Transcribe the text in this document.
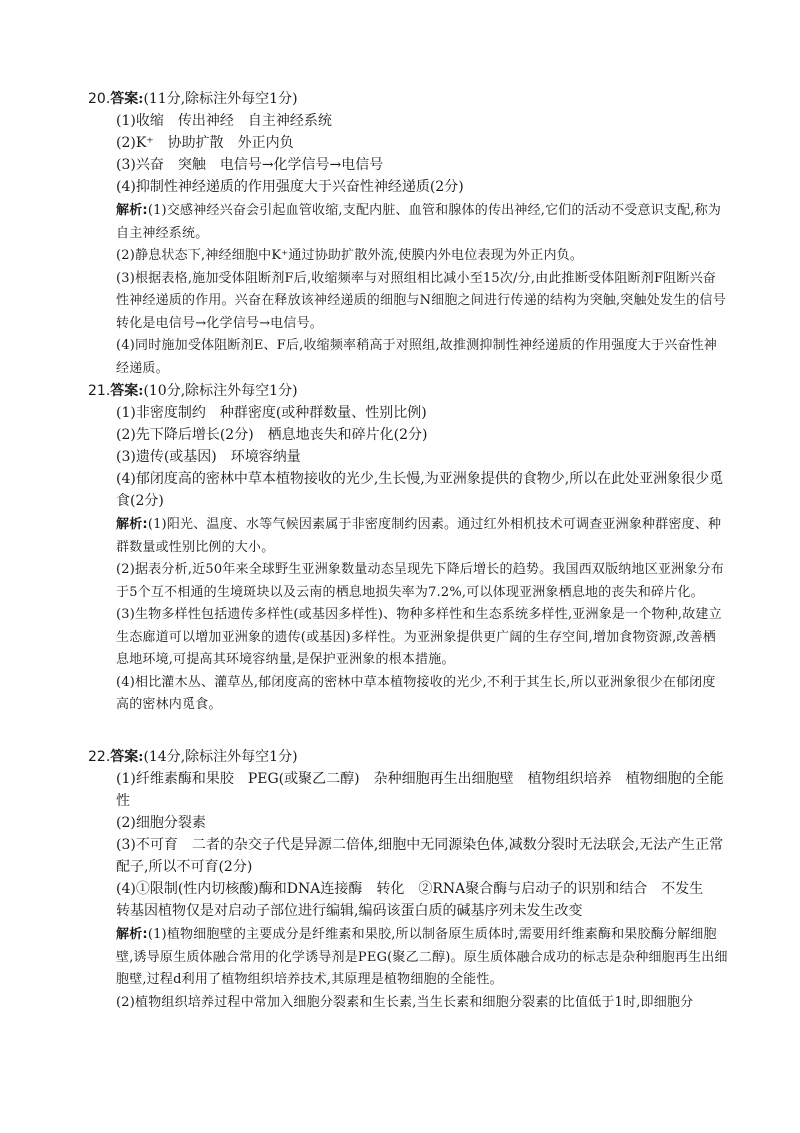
20.答案:(11分,除标注外每空1分)

(1)收缩　传出神经　自主神经系统

(2)K⁺　协助扩散　外正内负

(3)兴奋　突触　电信号→化学信号→电信号

(4)抑制性神经递质的作用强度大于兴奋性神经递质(2分)

解析:(1)交感神经兴奋会引起血管收缩,支配内脏、血管和腺体的传出神经,它们的活动不受意识支配,称为自主神经系统。

(2)静息状态下,神经细胞中K⁺通过协助扩散外流,使膜内外电位表现为外正内负。

(3)根据表格,施加受体阻断剂F后,收缩频率与对照组相比减小至15次/分,由此推断受体阻断剂F阻断兴奋性神经递质的作用。兴奋在释放该神经递质的细胞与N细胞之间进行传递的结构为突触,突触处发生的信号转化是电信号→化学信号→电信号。

(4)同时施加受体阻断剂E、F后,收缩频率稍高于对照组,故推测抑制性神经递质的作用强度大于兴奋性神经递质。

21.答案:(10分,除标注外每空1分)

(1)非密度制约　种群密度(或种群数量、性别比例)

(2)先下降后增长(2分)　栖息地丧失和碎片化(2分)

(3)遗传(或基因)　环境容纳量

(4)郁闭度高的密林中草本植物接收的光少,生长慢,为亚洲象提供的食物少,所以在此处亚洲象很少觅食(2分)

解析:(1)阳光、温度、水等气候因素属于非密度制约因素。通过红外相机技术可调查亚洲象种群密度、种群数量或性别比例的大小。

(2)据表分析,近50年来全球野生亚洲象数量动态呈现先下降后增长的趋势。我国西双版纳地区亚洲象分布于5个互不相通的生境斑块以及云南的栖息地损失率为7.2%,可以体现亚洲象栖息地的丧失和碎片化。

(3)生物多样性包括遗传多样性(或基因多样性)、物种多样性和生态系统多样性,亚洲象是一个物种,故建立生态廊道可以增加亚洲象的遗传(或基因)多样性。为亚洲象提供更广阔的生存空间,增加食物资源,改善栖息地环境,可提高其环境容纳量,是保护亚洲象的根本措施。

(4)相比灌木丛、灌草丛,郁闭度高的密林中草本植物接收的光少,不利于其生长,所以亚洲象很少在郁闭度高的密林内觅食。

22.答案:(14分,除标注外每空1分)

(1)纤维素酶和果胶　PEG(或聚乙二醇)　杂种细胞再生出细胞壁　植物组织培养　植物细胞的全能性

(2)细胞分裂素

(3)不可育　二者的杂交子代是异源二倍体,细胞中无同源染色体,减数分裂时无法联会,无法产生正常配子,所以不可育(2分)

(4)①限制(性内切核酸)酶和DNA连接酶　转化　②RNA聚合酶与启动子的识别和结合　不发生　转基因植物仅是对启动子部位进行编辑,编码该蛋白质的碱基序列未发生改变

解析:(1)植物细胞壁的主要成分是纤维素和果胶,所以制备原生质体时,需要用纤维素酶和果胶酶分解细胞壁,诱导原生质体融合常用的化学诱导剂是PEG(聚乙二醇)。原生质体融合成功的标志是杂种细胞再生出细胞壁,过程d利用了植物组织培养技术,其原理是植物细胞的全能性。

(2)植物组织培养过程中常加入细胞分裂素和生长素,当生长素和细胞分裂素的比值低于1时,即细胞分
